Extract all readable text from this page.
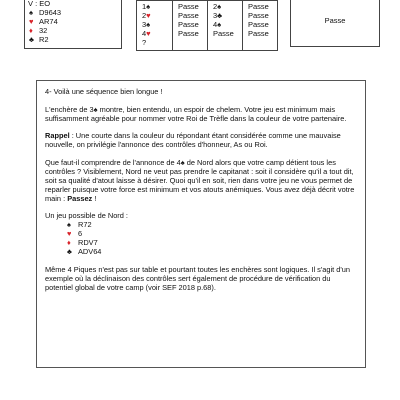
V : EO
♠ D9643
♥ AR74
♦ 32
♣ R2
1♠
2♥
3♠
4♥
?
Passe
Passe
Passe
Passe
2♠
3♣
4♠
Passe
Passe
Passe
Passe
Passe
Passe

4- Voilà une séquence bien longue !

L'enchère de 3♠ montre, bien entendu, un espoir de chelem. Votre jeu est minimum mais suffisamment agréable pour nommer votre Roi de Trèfle dans la couleur de votre partenaire.

Rappel : Une courte dans la couleur du répondant étant considérée comme une mauvaise nouvelle, on privilégie l'annonce des contrôles d'honneur, As ou Roi.

Que faut-il comprendre de l'annonce de 4♠ de Nord alors que votre camp détient tous les contrôles ? Visiblement, Nord ne veut pas prendre le capitanat : soit il considère qu'il a tout dit, soit sa qualité d'atout laisse à désirer. Quoi qu'il en soit, rien dans votre jeu ne vous permet de reparler puisque votre force est minimum et vos atouts anémiques. Vous avez déjà décrit votre main : Passez !

Un jeu possible de Nord :

♠ R72
♥ 6
♦ RDV7
♣ ADV64

Même 4 Piques n'est pas sur table et pourtant toutes les enchères sont logiques. Il s'agit d'un exemple où la déclinaison des contrôles sert également de procédure de vérification du potentiel global de votre camp (voir SEF 2018 p.68).
